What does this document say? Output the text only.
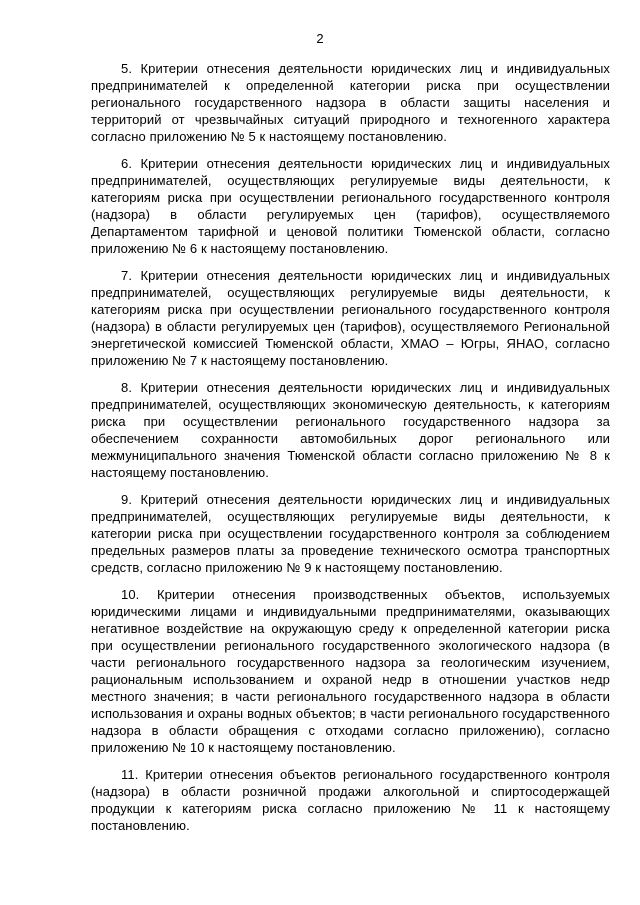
2

5. Критерии отнесения деятельности юридических лиц и индивидуальных предпринимателей к определенной категории риска при осуществлении регионального государственного надзора в области защиты населения и территорий от чрезвычайных ситуаций природного и техногенного характера согласно приложению № 5 к настоящему постановлению.

6. Критерии отнесения деятельности юридических лиц и индивидуальных предпринимателей, осуществляющих регулируемые виды деятельности, к категориям риска при осуществлении регионального государственного контроля (надзора) в области регулируемых цен (тарифов), осуществляемого Департаментом тарифной и ценовой политики Тюменской области, согласно приложению № 6 к настоящему постановлению.

7. Критерии отнесения деятельности юридических лиц и индивидуальных предпринимателей, осуществляющих регулируемые виды деятельности, к категориям риска при осуществлении регионального государственного контроля (надзора) в области регулируемых цен (тарифов), осуществляемого Региональной энергетической комиссией Тюменской области, ХМАО – Югры, ЯНАО, согласно приложению № 7 к настоящему постановлению.

8. Критерии отнесения деятельности юридических лиц и индивидуальных предпринимателей, осуществляющих экономическую деятельность, к категориям риска при осуществлении регионального государственного надзора за обеспечением сохранности автомобильных дорог регионального или межмуниципального значения Тюменской области согласно приложению № 8 к настоящему постановлению.

9. Критерий отнесения деятельности юридических лиц и индивидуальных предпринимателей, осуществляющих регулируемые виды деятельности, к категории риска при осуществлении государственного контроля за соблюдением предельных размеров платы за проведение технического осмотра транспортных средств, согласно приложению № 9 к настоящему постановлению.

10. Критерии отнесения производственных объектов, используемых юридическими лицами и индивидуальными предпринимателями, оказывающих негативное воздействие на окружающую среду к определенной категории риска при осуществлении регионального государственного экологического надзора (в части регионального государственного надзора за геологическим изучением, рациональным использованием и охраной недр в отношении участков недр местного значения; в части регионального государственного надзора в области использования и охраны водных объектов; в части регионального государственного надзора в области обращения с отходами согласно приложению), согласно приложению № 10 к настоящему постановлению.

11. Критерии отнесения объектов регионального государственного контроля (надзора) в области розничной продажи алкогольной и спиртосодержащей продукции к категориям риска согласно приложению № 11 к настоящему постановлению.
